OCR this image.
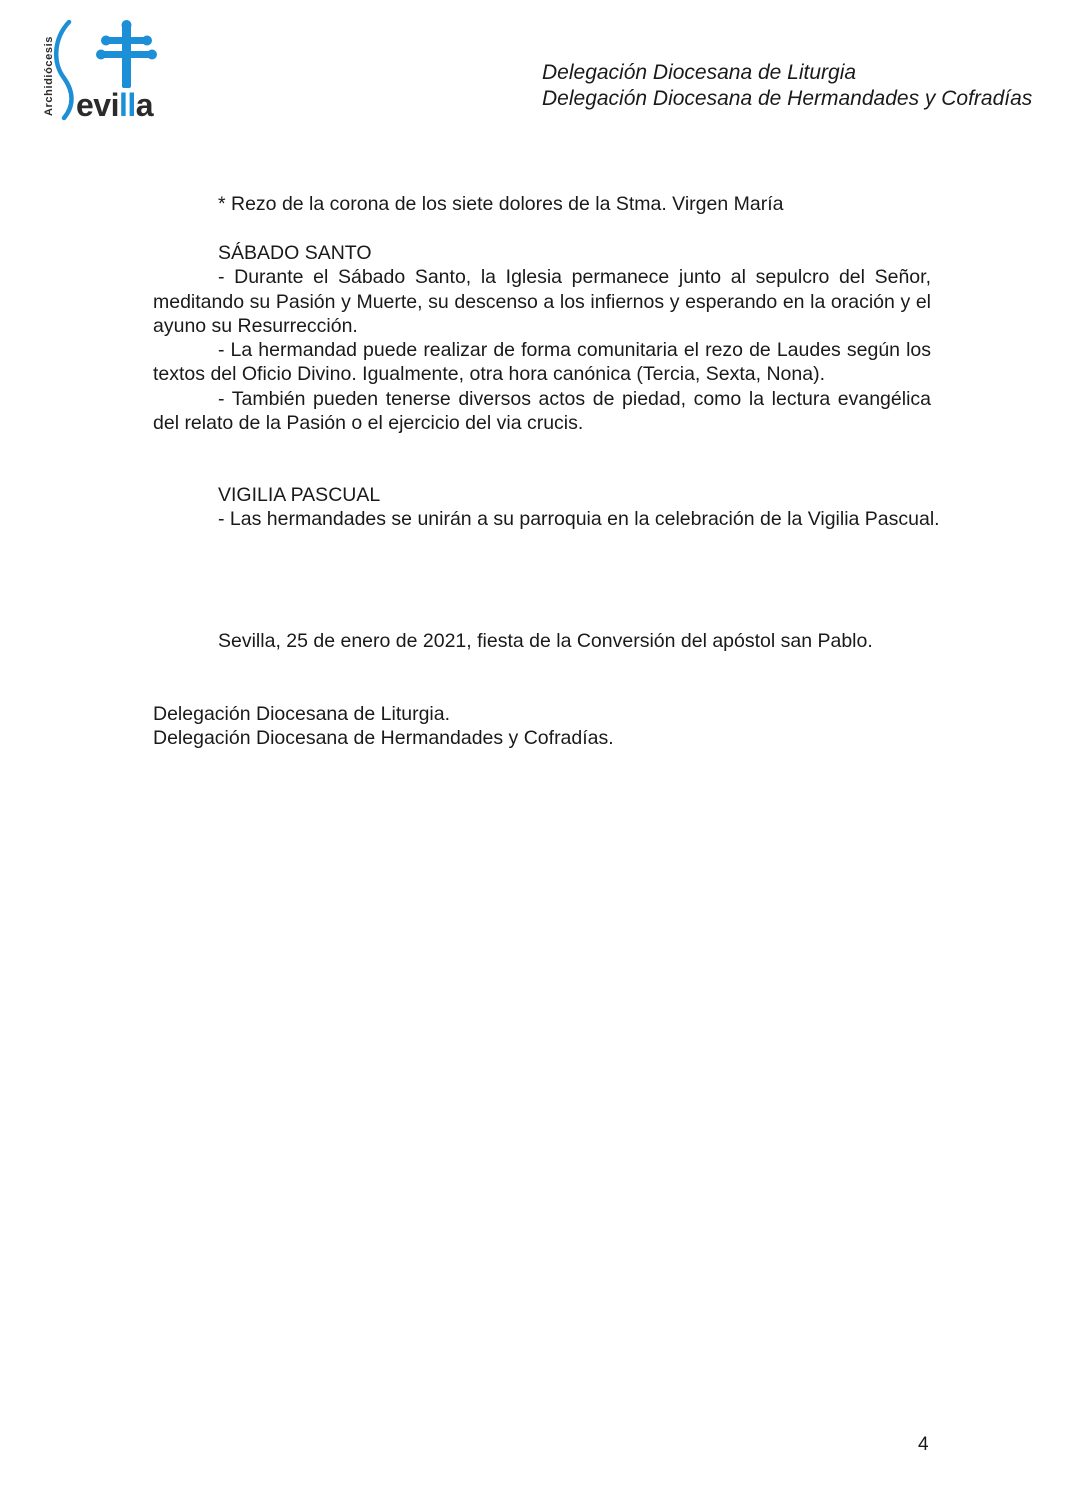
Archidiócesis evilla
Delegación Diocesana de Liturgia
Delegación Diocesana de Hermandades y Cofradías
* Rezo de la corona de los siete dolores de la Stma. Virgen María
SÁBADO SANTO
- Durante el Sábado Santo, la Iglesia permanece junto al sepulcro del Señor, meditando su Pasión y Muerte, su descenso a los infiernos y esperando en la oración y el ayuno su Resurrección.
- La hermandad puede realizar de forma comunitaria el rezo de Laudes según los textos del Oficio Divino. Igualmente, otra hora canónica (Tercia, Sexta, Nona).
- También pueden tenerse diversos actos de piedad, como la lectura evangélica del relato de la Pasión o el ejercicio del via crucis.
VIGILIA PASCUAL
- Las hermandades se unirán a su parroquia en la celebración de la Vigilia Pascual.
Sevilla, 25 de enero de 2021, fiesta de la Conversión del apóstol san Pablo.
Delegación Diocesana de Liturgia.
Delegación Diocesana de Hermandades y Cofradías.
4
